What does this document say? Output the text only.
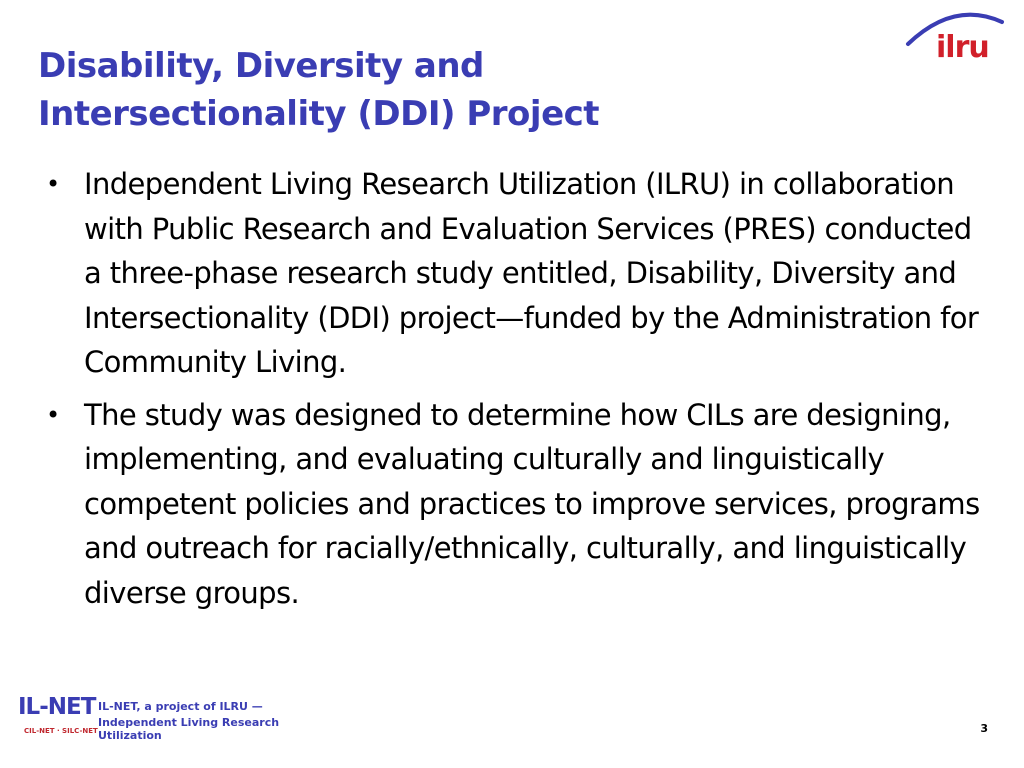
Disability, Diversity and
Intersectionality (DDI) Project
ilru
• Independent Living Research Utilization (ILRU) in collaboration with Public Research and Evaluation Services (PRES) conducted a three-phase research study entitled, Disability, Diversity and Intersectionality (DDI) project—funded by the Administration for Community Living.
• The study was designed to determine how CILs are designing, implementing, and evaluating culturally and linguistically competent policies and practices to improve services, programs and outreach for racially/ethnically, culturally, and linguistically diverse groups.
IL-NET
CIL-NET · SILC-NET
IL-NET, a project of ILRU —
Independent Living Research Utilization
3
